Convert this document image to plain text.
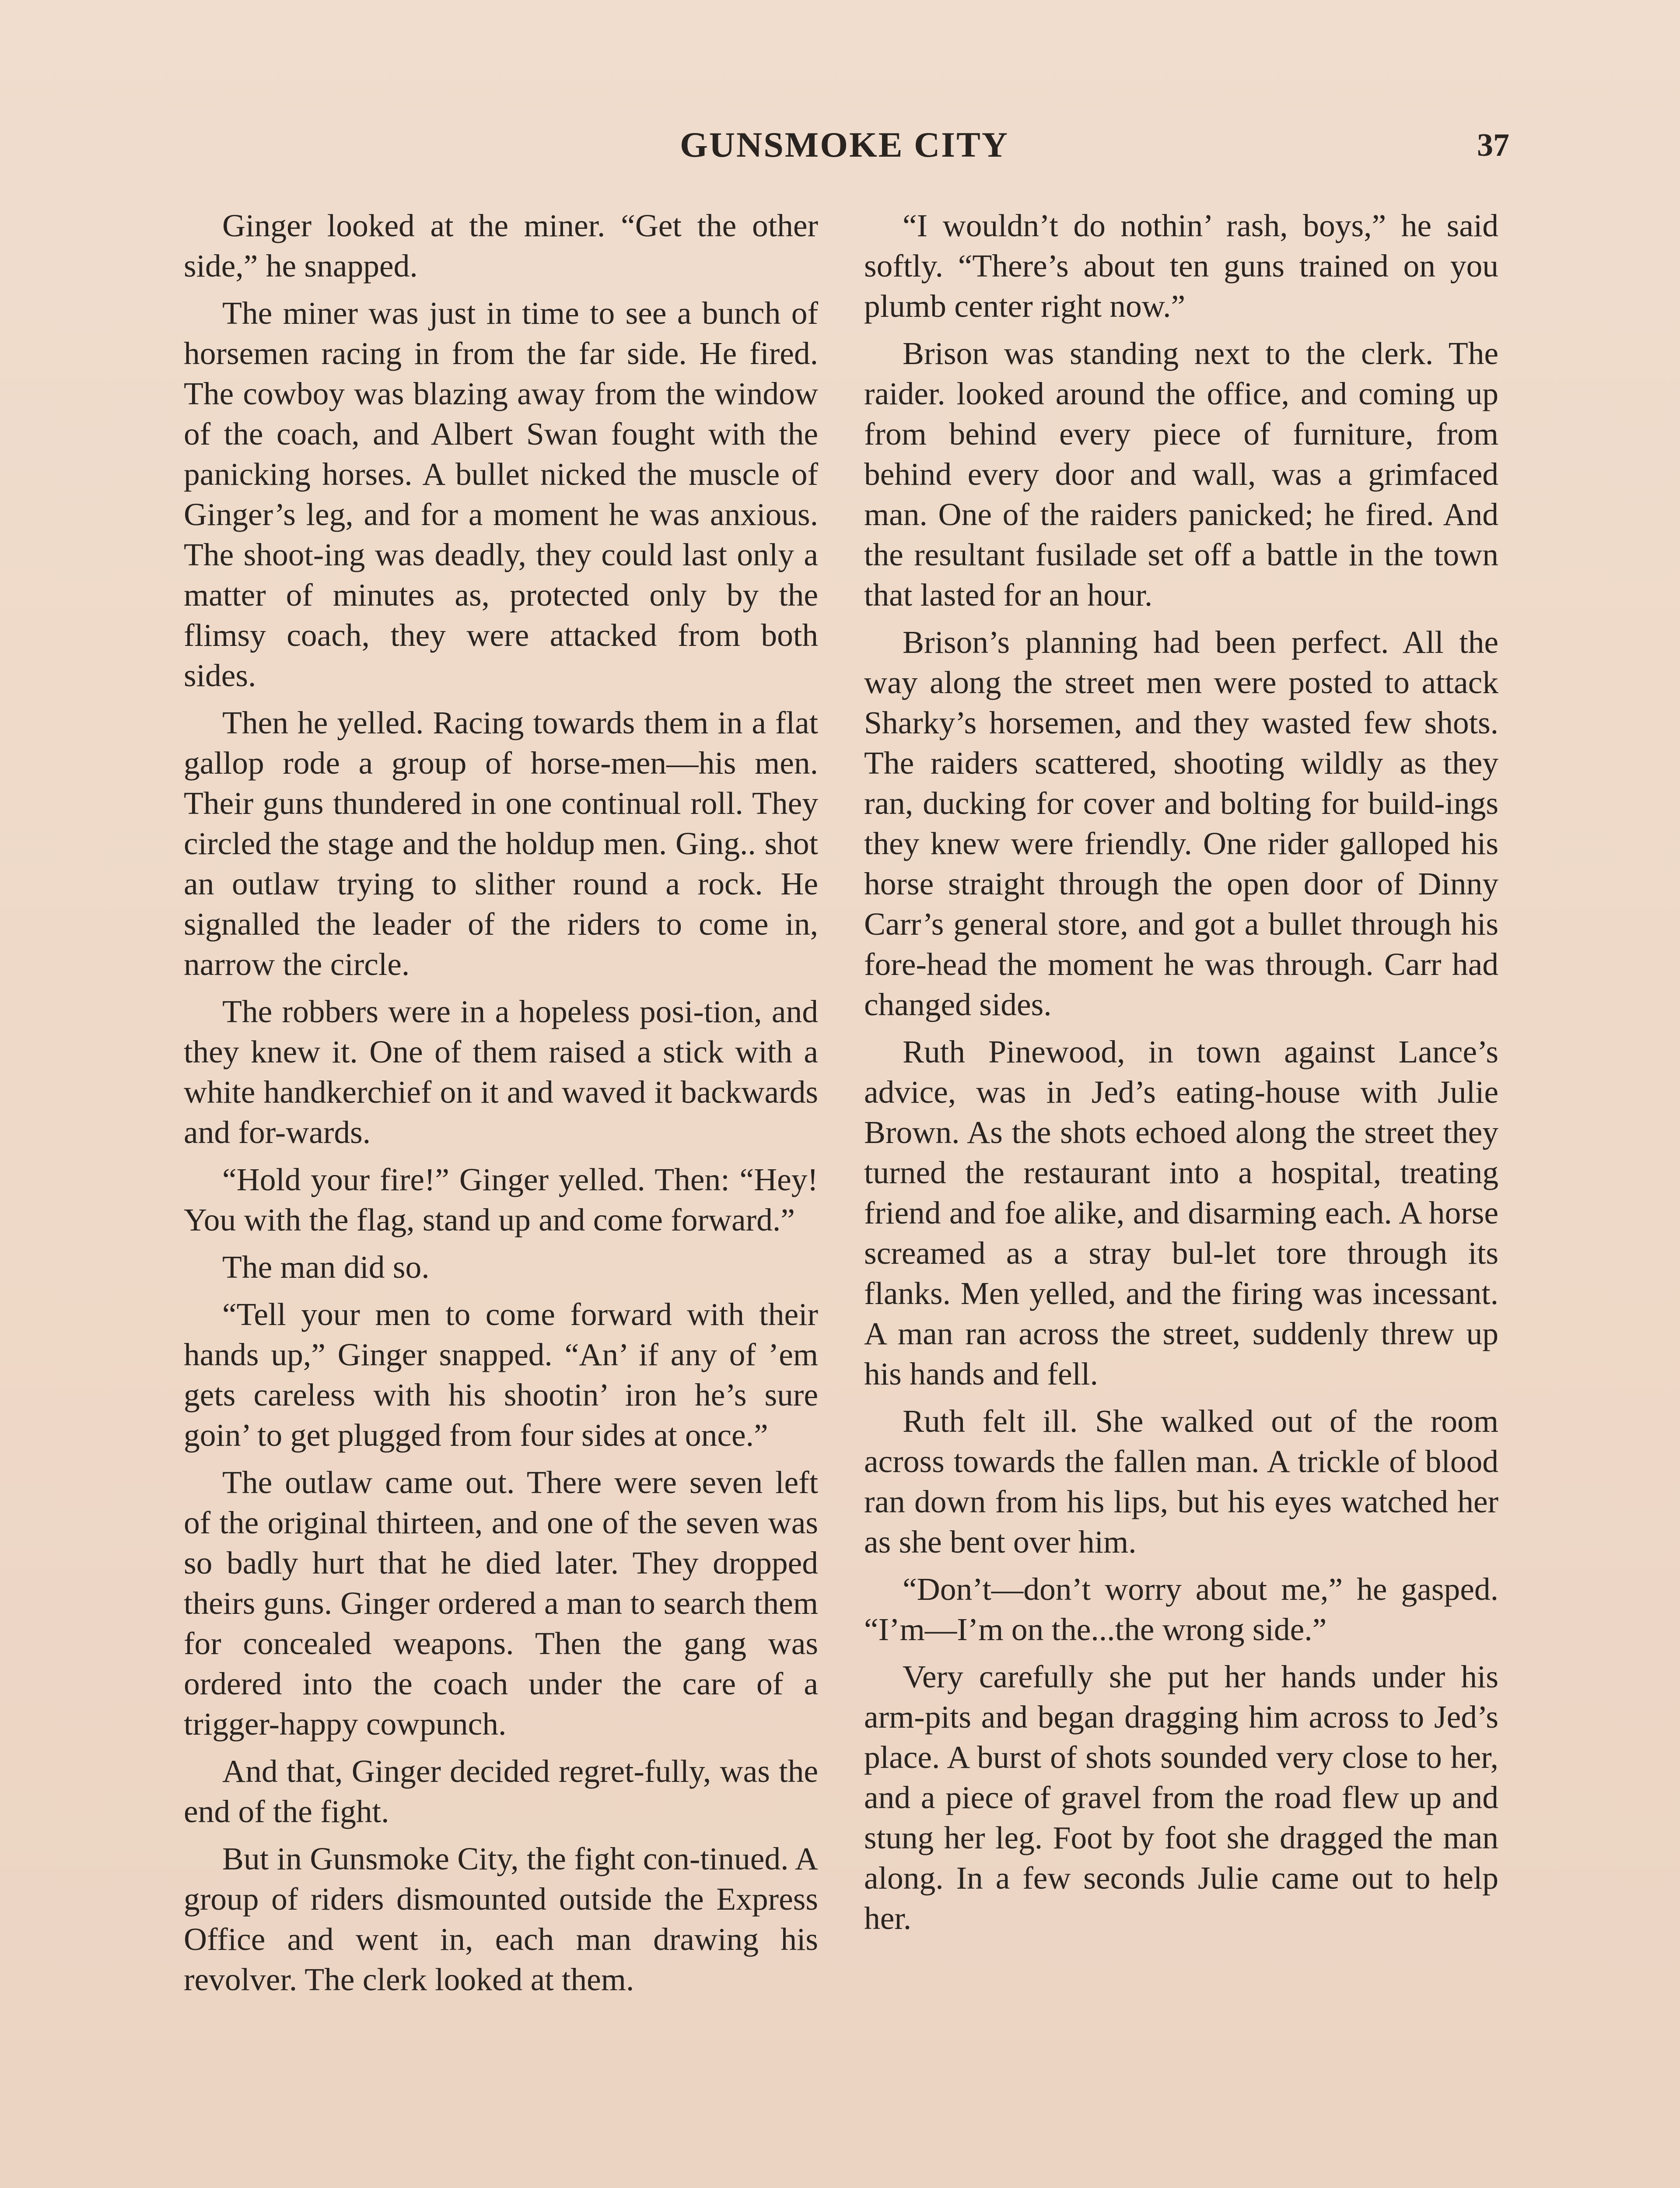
GUNSMOKE CITY	37

Ginger looked at the miner. “Get the other side,” he snapped.

The miner was just in time to see a bunch of horsemen racing in from the far side. He fired. The cowboy was blazing away from the window of the coach, and Albert Swan fought with the panicking horses. A bullet nicked the muscle of Ginger’s leg, and for a moment he was anxious. The shoot-ing was deadly, they could last only a matter of minutes as, protected only by the flimsy coach, they were attacked from both sides.

Then he yelled. Racing towards them in a flat gallop rode a group of horse-men—his men. Their guns thundered in one continual roll. They circled the stage and the holdup men. Ging.. shot an outlaw trying to slither round a rock. He signalled the leader of the riders to come in, narrow the circle.

The robbers were in a hopeless posi-tion, and they knew it. One of them raised a stick with a white handkerchief on it and waved it backwards and for-wards.

“Hold your fire!” Ginger yelled. Then: “Hey! You with the flag, stand up and come forward.”

The man did so.

“Tell your men to come forward with their hands up,” Ginger snapped. “An’ if any of ’em gets careless with his shootin’ iron he’s sure goin’ to get plugged from four sides at once.”

The outlaw came out. There were seven left of the original thirteen, and one of the seven was so badly hurt that he died later. They dropped theirs guns. Ginger ordered a man to search them for concealed weapons. Then the gang was ordered into the coach under the care of a trigger-happy cowpunch.

And that, Ginger decided regret-fully, was the end of the fight.

But in Gunsmoke City, the fight con-tinued. A group of riders dismounted outside the Express Office and went in, each man drawing his revolver. The clerk looked at them.

“I wouldn’t do nothin’ rash, boys,” he said softly. “There’s about ten guns trained on you plumb center right now.”

Brison was standing next to the clerk. The raider. looked around the office, and coming up from behind every piece of furniture, from behind every door and wall, was a grimfaced man. One of the raiders panicked; he fired. And the resultant fusilade set off a battle in the town that lasted for an hour.

Brison’s planning had been perfect. All the way along the street men were posted to attack Sharky’s horsemen, and they wasted few shots. The raiders scattered, shooting wildly as they ran, ducking for cover and bolting for build-ings they knew were friendly. One rider galloped his horse straight through the open door of Dinny Carr’s general store, and got a bullet through his fore-head the moment he was through. Carr had changed sides.

Ruth Pinewood, in town against Lance’s advice, was in Jed’s eating-house with Julie Brown. As the shots echoed along the street they turned the restaurant into a hospital, treating friend and foe alike, and disarming each. A horse screamed as a stray bul-let tore through its flanks. Men yelled, and the firing was incessant. A man ran across the street, suddenly threw up his hands and fell.

Ruth felt ill. She walked out of the room across towards the fallen man. A trickle of blood ran down from his lips, but his eyes watched her as she bent over him.

“Don’t—don’t worry about me,” he gasped. “I’m—I’m on the...the wrong side.”

Very carefully she put her hands under his arm-pits and began dragging him across to Jed’s place. A burst of shots sounded very close to her, and a piece of gravel from the road flew up and stung her leg. Foot by foot she dragged the man along. In a few seconds Julie came out to help her.
